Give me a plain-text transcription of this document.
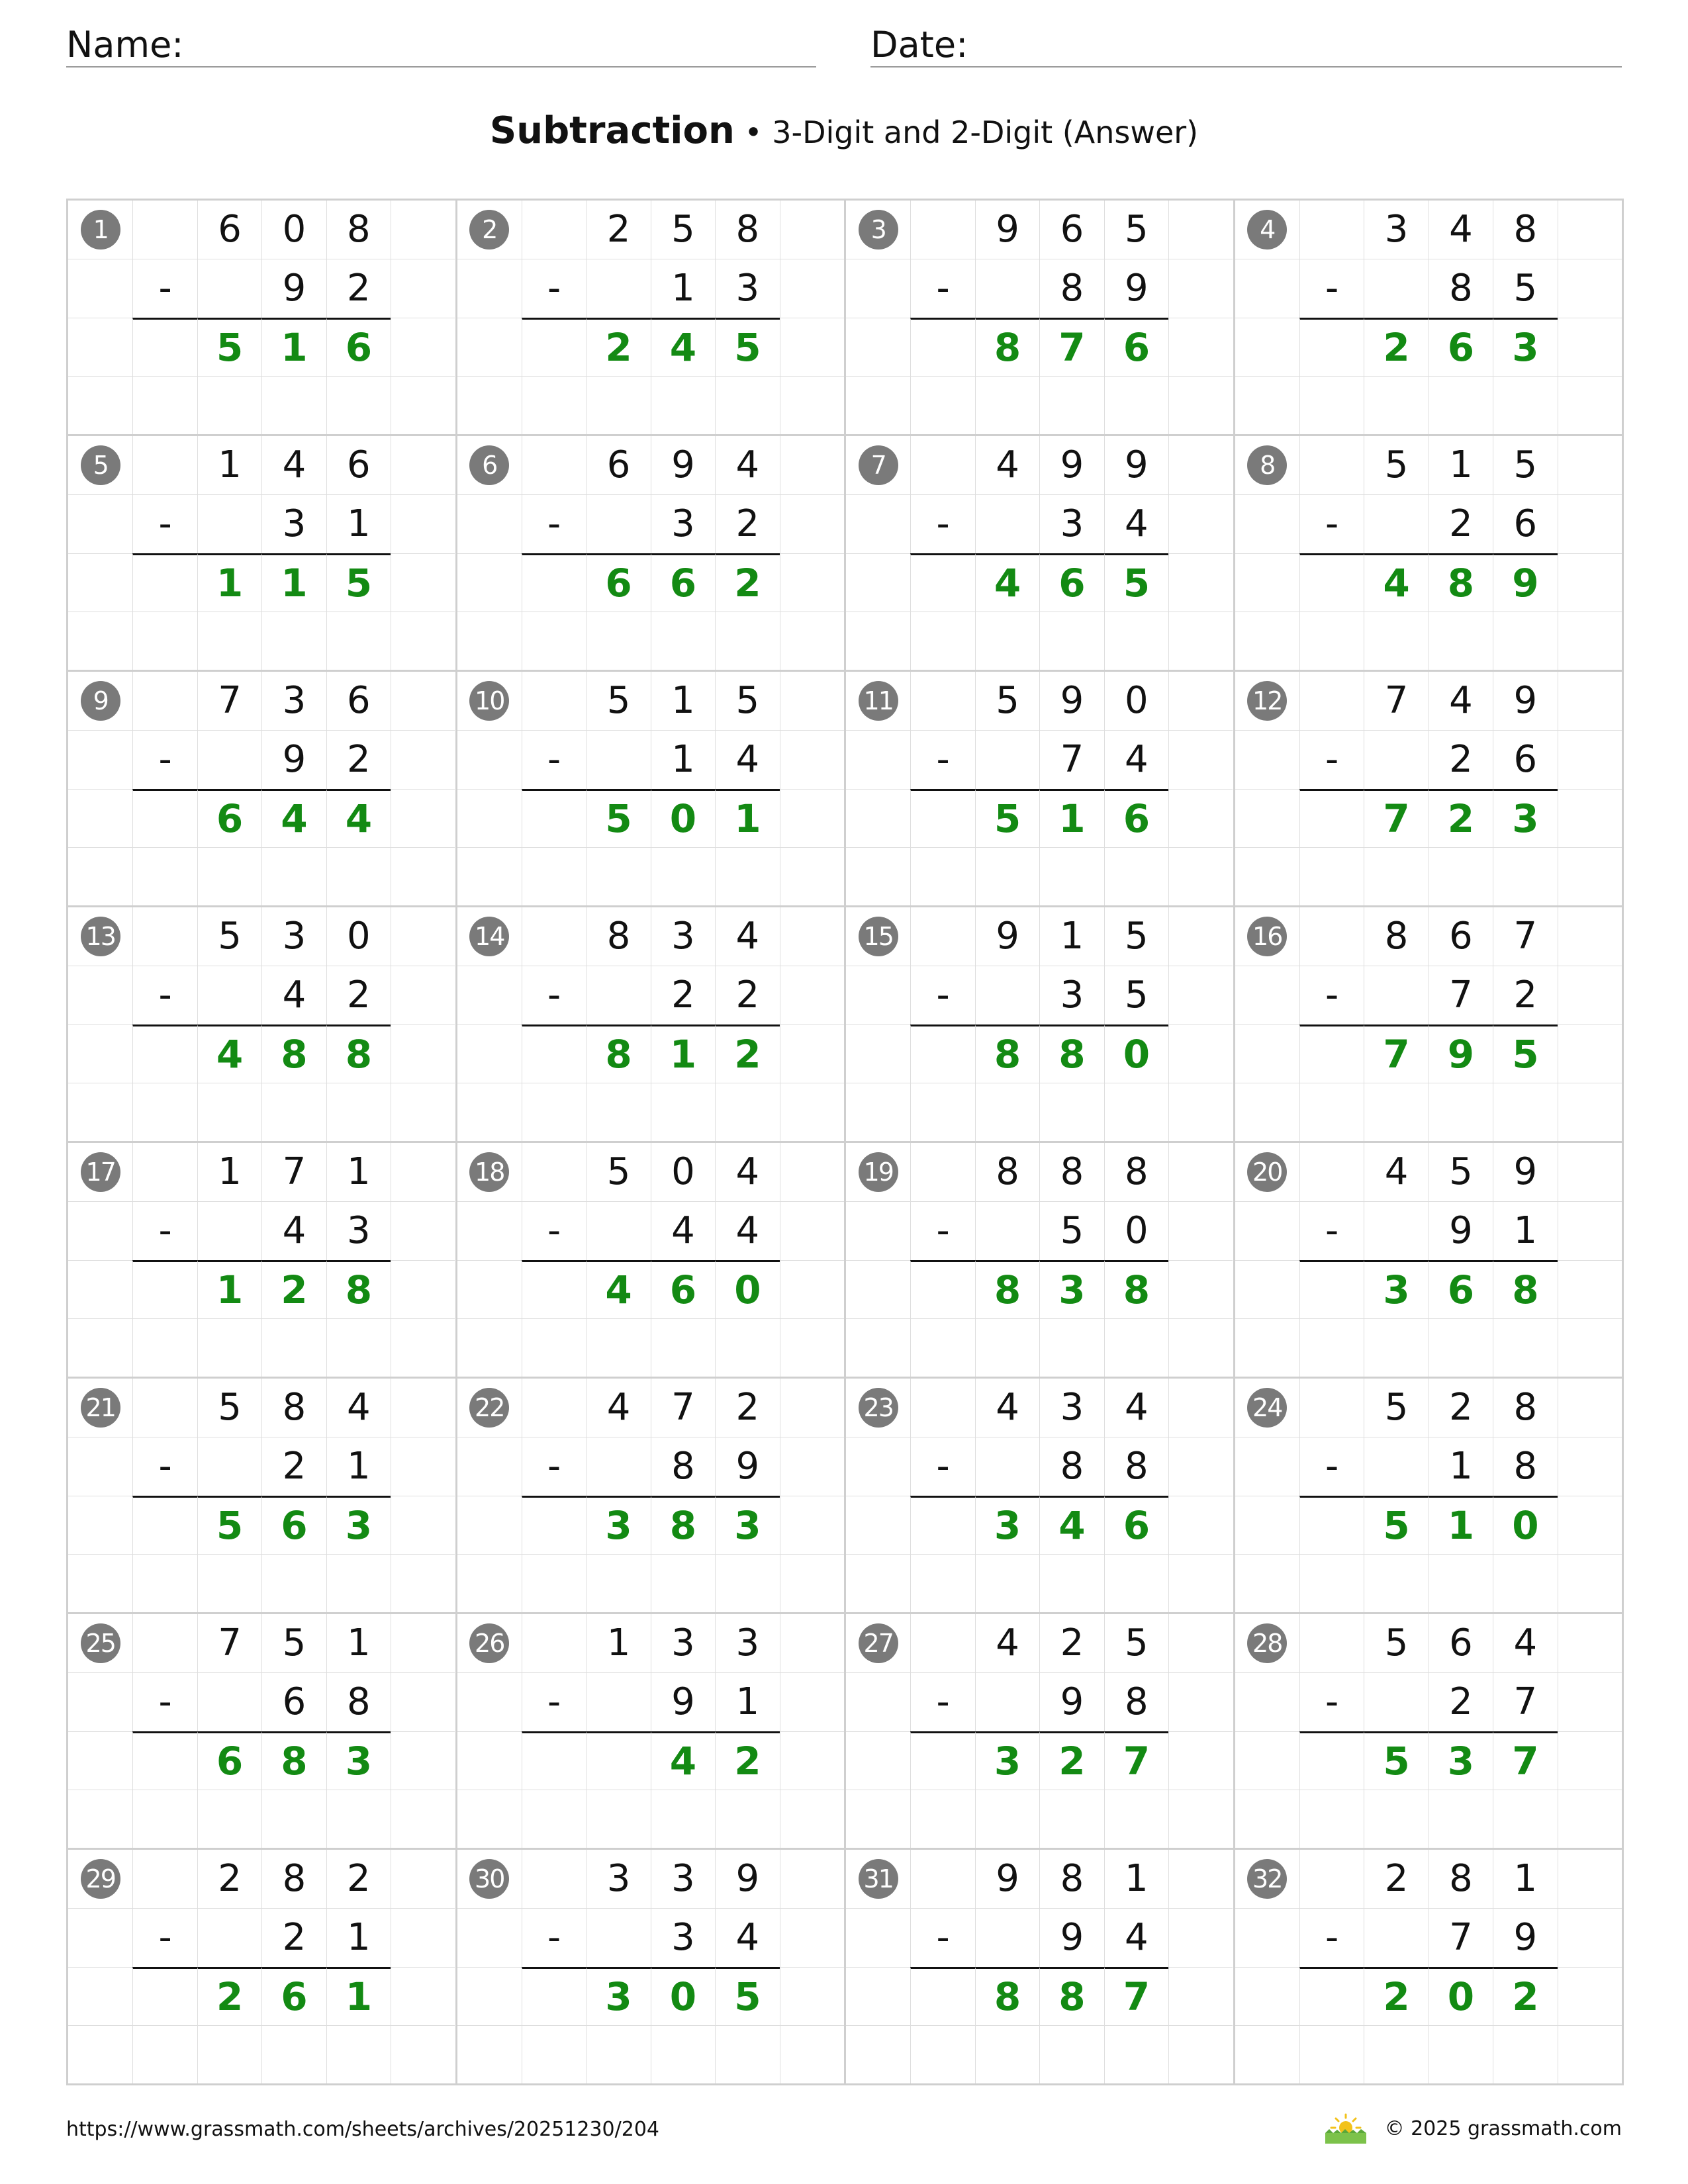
Name:	Date:
Subtraction • 3-Digit and 2-Digit (Answer)
1	6	0	8
-	9	2
5 1 6
2	2	5	8
-	1	3
2 4 5
3	9	6	5
-	8	9
8 7 6
4	3	4	8
-	8	5
2 6 3
5	1	4	6
-	3	1
1 1 5
6	6	9	4
-	3	2
6 6 2
7	4	9	9
-	3	4
4 6 5
8	5	1	5
-	2	6
4 8 9
9	7	3	6
-	9	2
6 4 4
10	5	1	5
-	1	4
5 0 1
11	5	9	0
-	7	4
5 1 6
12	7	4	9
-	2	6
7 2 3
13	5	3	0
-	4	2
4 8 8
14	8	3	4
-	2	2
8 1 2
15	9	1	5
-	3	5
8 8 0
16	8	6	7
-	7	2
7 9 5
17	1	7	1
-	4	3
1 2 8
18	5	0	4
-	4	4
4 6 0
19	8	8	8
-	5	0
8 3 8
20	4	5	9
-	9	1
3 6 8
21	5	8	4
-	2	1
5 6 3
22	4	7	2
-	8	9
3 8 3
23	4	3	4
-	8	8
3 4 6
24	5	2	8
-	1	8
5 1 0
25	7	5	1
-	6	8
6 8 3
26	1	3	3
-	9	1
4 2
27	4	2	5
-	9	8
3 2 7
28	5	6	4
-	2	7
5 3 7
29	2	8	2
-	2	1
2 6 1
30	3	3	9
-	3	4
3 0 5
31	9	8	1
-	9	4
8 8 7
32	2	8	1
-	7	9
2 0 2
https://www.grassmath.com/sheets/archives/20251230/204	© 2025 grassmath.com
